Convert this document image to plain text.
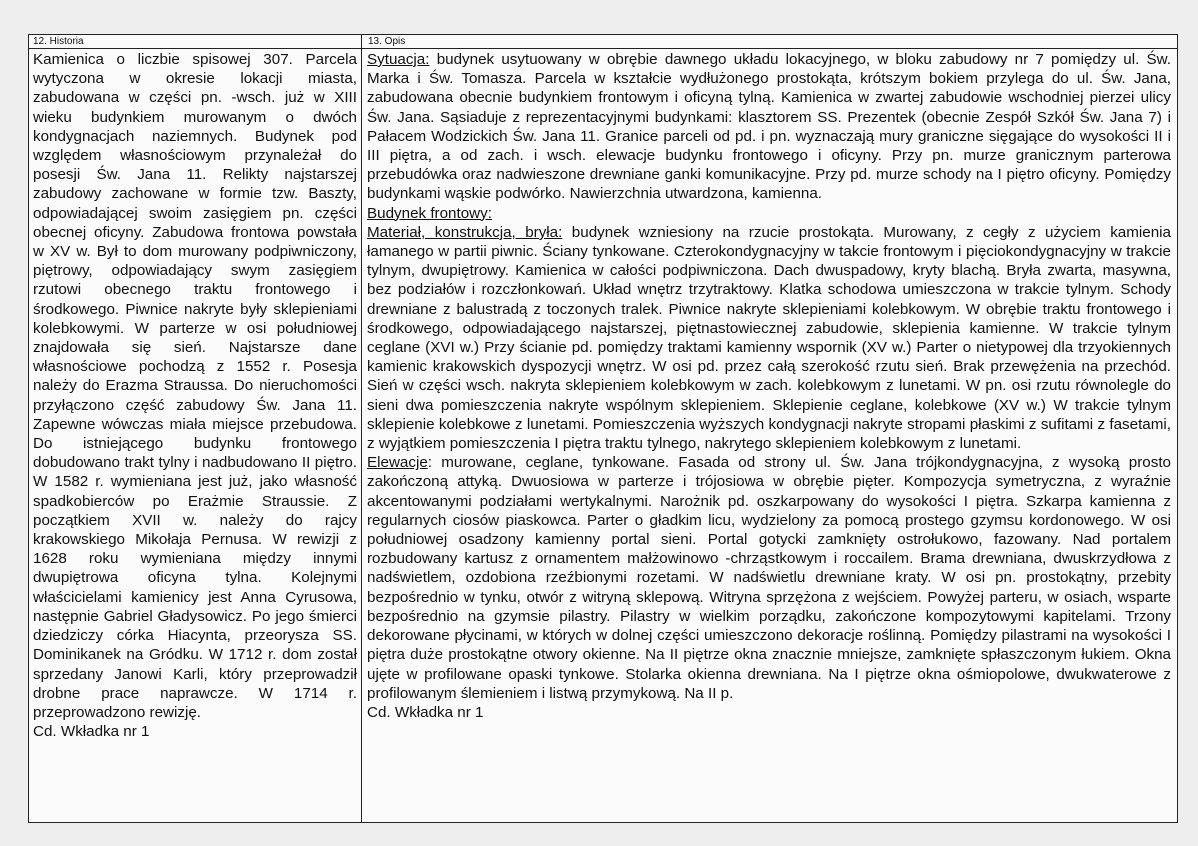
12. Historia	13. Opis

Kamienica o liczbie spisowej 307. Parcela wytyczona w okresie lokacji miasta, zabudowana w części pn. -wsch. już w XIII wieku budynkiem murowanym o dwóch kondygnacjach naziemnych. Budynek pod względem własnościowym przynależał do posesji Św. Jana 11. Relikty najstarszej zabudowy zachowane w formie tzw. Baszty, odpowiadającej swoim zasięgiem pn. części obecnej oficyny. Zabudowa frontowa powstała w XV w. Był to dom murowany podpiwniczony, piętrowy, odpowiadający swym zasięgiem rzutowi obecnego traktu frontowego i środkowego. Piwnice nakryte były sklepieniami kolebkowymi. W parterze w osi południowej znajdowała się sień. Najstarsze dane własnościowe pochodzą z 1552 r. Posesja należy do Erazma Straussa. Do nieruchomości przyłączono część zabudowy Św. Jana 11. Zapewne wówczas miała miejsce przebudowa. Do istniejącego budynku frontowego dobudowano trakt tylny i nadbudowano II piętro. W 1582 r. wymieniana jest już, jako własność spadkobierców po Erażmie Straussie. Z początkiem XVII w. należy do rajcy krakowskiego Mikołaja Pernusa. W rewizji z 1628 roku wymieniana między innymi dwupiętrowa oficyna tylna. Kolejnymi właścicielami kamienicy jest Anna Cyrusowa, następnie Gabriel Gładysowicz. Po jego śmierci dziedziczy córka Hiacynta, przeorysza SS. Dominikanek na Gródku. W 1712 r. dom został sprzedany Janowi Karli, który przeprowadził drobne prace naprawcze. W 1714 r. przeprowadzono rewizję.

Cd. Wkładka nr 1

Sytuacja: budynek usytuowany w obrębie dawnego układu lokacyjnego, w bloku zabudowy nr 7 pomiędzy ul. Św. Marka i Św. Tomasza. Parcela w kształcie wydłużonego prostokąta, krótszym bokiem przylega do ul. Św. Jana, zabudowana obecnie budynkiem frontowym i oficyną tylną. Kamienica w zwartej zabudowie wschodniej pierzei ulicy Św. Jana. Sąsiaduje z reprezentacyjnymi budynkami: klasztorem SS. Prezentek (obecnie Zespół Szkół Św. Jana 7) i Pałacem Wodzickich Św. Jana 11. Granice parceli od pd. i pn. wyznaczają mury graniczne sięgające do wysokości II i III piętra, a od zach. i wsch. elewacje budynku frontowego i oficyny. Przy pn. murze granicznym parterowa przebudówka oraz nadwieszone drewniane ganki komunikacyjne. Przy pd. murze schody na I piętro oficyny. Pomiędzy budynkami wąskie podwórko. Nawierzchnia utwardzona, kamienna.

Budynek frontowy:

Materiał, konstrukcja, bryła: budynek wzniesiony na rzucie prostokąta. Murowany, z cegły z użyciem kamienia łamanego w partii piwnic. Ściany tynkowane. Czterokondygnacyjny w takcie frontowym i pięciokondygnacyjny w trakcie tylnym, dwupiętrowy. Kamienica w całości podpiwniczona. Dach dwuspadowy, kryty blachą. Bryła zwarta, masywna, bez podziałów i rozczłonkowań. Układ wnętrz trzytraktowy. Klatka schodowa umieszczona w trakcie tylnym. Schody drewniane z balustradą z toczonych tralek. Piwnice nakryte sklepieniami kolebkowym. W obrębie traktu frontowego i środkowego, odpowiadającego najstarszej, piętnastowiecznej zabudowie, sklepienia kamienne. W trakcie tylnym ceglane (XVI w.) Przy ścianie pd. pomiędzy traktami kamienny wspornik (XV w.) Parter o nietypowej dla trzyokiennych kamienic krakowskich dyspozycji wnętrz. W osi pd. przez całą szerokość rzutu sień. Brak przewężenia na przechód. Sień w części wsch. nakryta sklepieniem kolebkowym w zach. kolebkowym z lunetami. W pn. osi rzutu równolegle do sieni dwa pomieszczenia nakryte wspólnym sklepieniem. Sklepienie ceglane, kolebkowe (XV w.) W trakcie tylnym sklepienie kolebkowe z lunetami. Pomieszczenia wyższych kondygnacji nakryte stropami płaskimi z sufitami z fasetami, z wyjątkiem pomieszczenia I piętra traktu tylnego, nakrytego sklepieniem kolebkowym z lunetami.

Elewacje: murowane, ceglane, tynkowane. Fasada od strony ul. Św. Jana trójkondygnacyjna, z wysoką prosto zakończoną attyką. Dwuosiowa w parterze i trójosiowa w obrębie pięter. Kompozycja symetryczna, z wyraźnie akcentowanymi podziałami wertykalnymi. Narożnik pd. oszkarpowany do wysokości I piętra. Szkarpa kamienna z regularnych ciosów piaskowca. Parter o gładkim licu, wydzielony za pomocą prostego gzymsu kordonowego. W osi południowej osadzony kamienny portal sieni. Portal gotycki zamknięty ostrołukowo, fazowany. Nad portalem rozbudowany kartusz z ornamentem małżowinowo -chrząstkowym i roccailem. Brama drewniana, dwuskrzydłowa z nadświetlem, ozdobiona rzeźbionymi rozetami. W nadświetlu drewniane kraty. W osi pn. prostokątny, przebity bezpośrednio w tynku, otwór z witryną sklepową. Witryna sprzężona z wejściem. Powyżej parteru, w osiach, wsparte bezpośrednio na gzymsie pilastry. Pilastry w wielkim porządku, zakończone kompozytowymi kapitelami. Trzony dekorowane płycinami, w których w dolnej części umieszczono dekoracje roślinną. Pomiędzy pilastrami na wysokości I piętra duże prostokątne otwory okienne. Na II piętrze okna znacznie mniejsze, zamknięte spłaszczonym łukiem. Okna ujęte w profilowane opaski tynkowe. Stolarka okienna drewniana. Na I piętrze okna ośmiopolowe, dwukwaterowe z profilowanym ślemieniem i listwą przymykową. Na II p.

Cd. Wkładka nr 1
